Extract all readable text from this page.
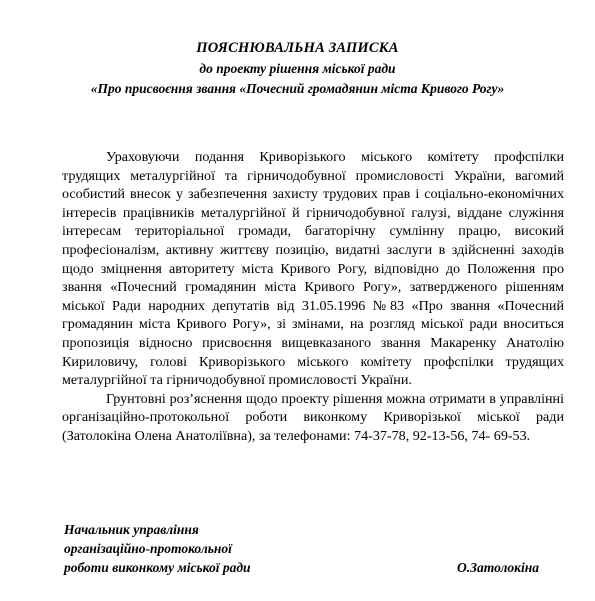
ПОЯСНЮВАЛЬНА ЗАПИСКА

до проекту рішення міської ради

«Про присвоєння звання «Почесний громадянин міста Кривого Рогу»

Ураховуючи подання Криворізького міського комітету профспілки трудящих металургійної та гірничодобувної промисловості України, вагомий особистий внесок у забезпечення захисту трудових прав і соціально-економічних інтересів працівників металургійної й гірничодобувної галузі, віддане служіння інтересам територіальної громади, багаторічну сумлінну працю, високий професіоналізм, активну життєву позицію, видатні заслуги в здійсненні заходів щодо зміцнення авторитету міста Кривого Рогу, відповідно до Положення про звання «Почесний громадянин міста Кривого Рогу», затвердженого рішенням міської Ради народних депутатів від 31.05.1996 №83 «Про звання «Почесний громадянин міста Кривого Рогу», зі змінами, на розгляд міської ради вноситься пропозиція відносно присвоєння вищевказаного звання Макаренку Анатолію Кириловичу, голові Криворізького міського комітету профспілки трудящих металургійної та гірничодобувної промисловості України.

Грунтовні роз’яснення щодо проекту рішення можна отримати в управлінні організаційно-протокольної роботи виконкому Криворізької міської ради (Затолокіна Олена Анатоліївна), за телефонами: 74-37-78, 92-13-56, 74- 69-53.

Начальник управління
організаційно-протокольної
роботи виконкому міської ради	О.Затолокіна
